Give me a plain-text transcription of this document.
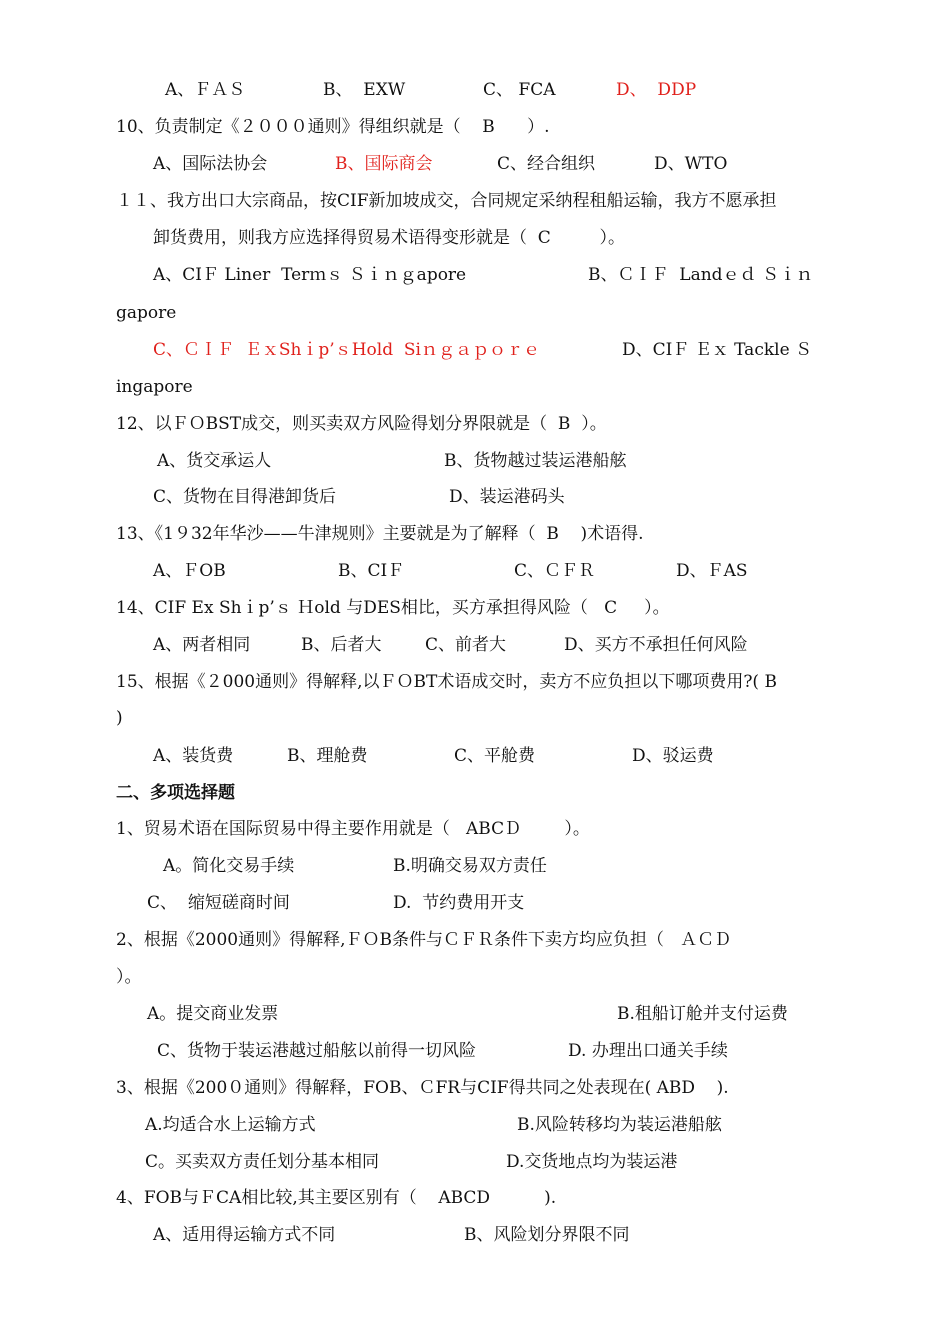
A、ＦＡＳ	B、  EXW	C、 FCA	D、  DDP
10、负责制定《２０００通则》得组织就是（    B      ）.
A、国际法协会	B、国际商会	C、经合组织	D、WTO
１１、我方出口大宗商品，按CIF新加坡成交，合同规定采纳程租船运输，我方不愿承担
卸货费用，则我方应选择得贸易术语得变形就是（  C         ）。
A、CIＦ Liner  Terｍｓ Ｓｉｎｇapore	B、ＣＩＦ  Landｅｄ Ｓｉｎ
gapore
C、ＣＩＦ  ＥｘShｉp’ｓHold  Siｎｇａｐｏｒｅ	D、CIＦ Ｅｘ Tackle Ｓ
ingapore
12、以ＦＯBST成交，则买卖双方风险得划分界限就是（  B  ）。
A、货交承运人	B、货物越过装运港船舷
C、货物在目得港卸货后	D、装运港码头
13、《1９32年华沙——牛津规则》主要就是为了解释（  B    )术语得.
A、ＦOB	B、CIＦ	C、ＣＦＲ	D、ＦAS
14、CIF Ex Shｉp’ｓ Ｈold 与DES相比，买方承担得风险（   C     ）。
A、两者相同	B、后者大	C、前者大	D、买方不承担任何风险
15、根据《２000通则》得解释,以ＦＯBT术语成交时，卖方不应负担以下哪项费用?( B
)
A、装货费	B、理舱费	C、平舱费	D、驳运费
二、多项选择题
1、贸易术语在国际贸易中得主要作用就是（   ABCＤ        ）。
A。简化交易手续	B.明确交易双方责任
C、  缩短磋商时间	D.  节约费用开支
2、根据《2000通则》得解释,ＦＯB条件与ＣＦＲ条件下卖方均应负担（   ＡＣＤ
）。
A。提交商业发票	B.租船订舱并支付运费
C、货物于装运港越过船舷以前得一切风险	D. 办理出口通关手续
3、根据《200０通则》得解释，FOB、ＣFR与CIF得共同之处表现在( ABD    ).
A.均适合水上运输方式	B.风险转移均为装运港船舷
C。买卖双方责任划分基本相同	D.交货地点均为装运港
4、FOB与ＦCA相比较,其主要区别有（    ABCD          ).
A、适用得运输方式不同	B、风险划分界限不同
